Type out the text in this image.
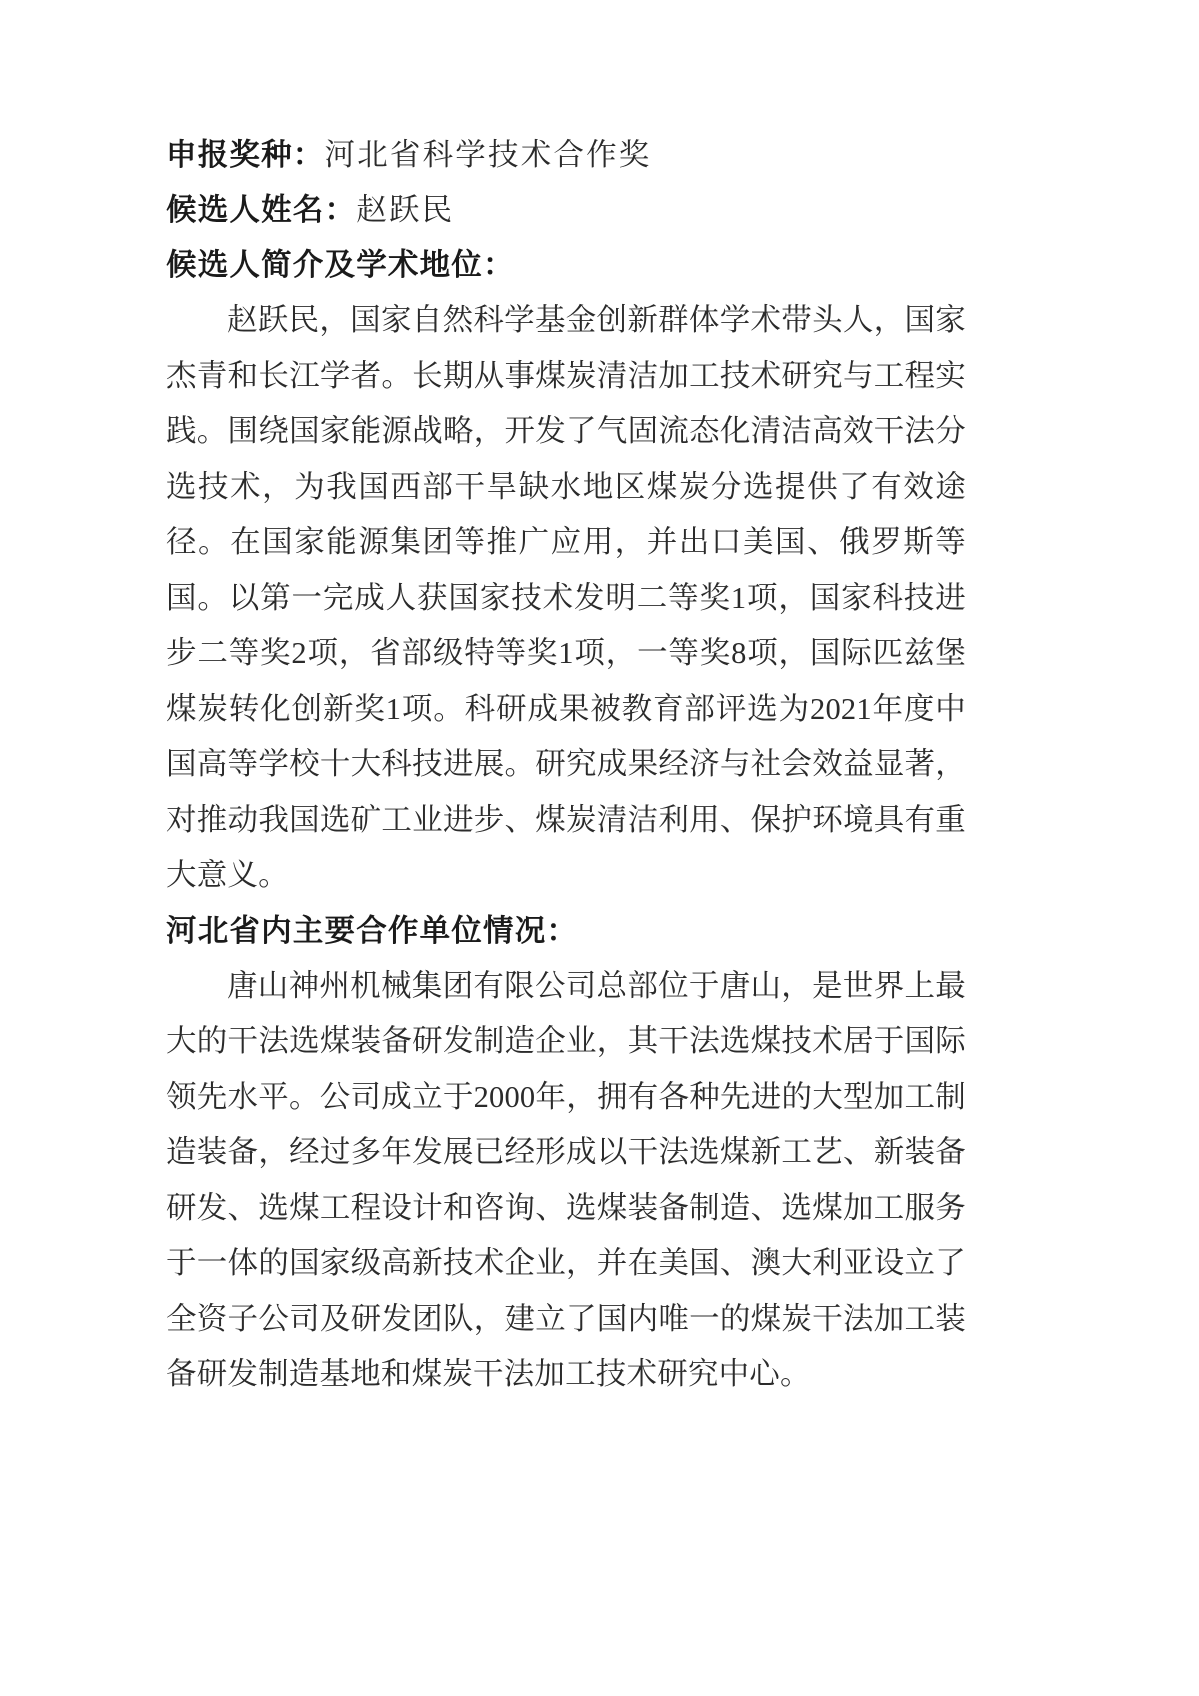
申报奖种：河北省科学技术合作奖
候选人姓名：赵跃民
候选人简介及学术地位：
赵跃民，国家自然科学基金创新群体学术带头人，国家杰青和长江学者。长期从事煤炭清洁加工技术研究与工程实践。围绕国家能源战略，开发了气固流态化清洁高效干法分选技术，为我国西部干旱缺水地区煤炭分选提供了有效途径。在国家能源集团等推广应用，并出口美国、俄罗斯等国。以第一完成人获国家技术发明二等奖1项，国家科技进步二等奖2项，省部级特等奖1项，一等奖8项，国际匹兹堡煤炭转化创新奖1项。科研成果被教育部评选为2021年度中国高等学校十大科技进展。研究成果经济与社会效益显著，对推动我国选矿工业进步、煤炭清洁利用、保护环境具有重大意义。
河北省内主要合作单位情况：
唐山神州机械集团有限公司总部位于唐山，是世界上最大的干法选煤装备研发制造企业，其干法选煤技术居于国际领先水平。公司成立于2000年，拥有各种先进的大型加工制造装备，经过多年发展已经形成以干法选煤新工艺、新装备研发、选煤工程设计和咨询、选煤装备制造、选煤加工服务于一体的国家级高新技术企业，并在美国、澳大利亚设立了全资子公司及研发团队，建立了国内唯一的煤炭干法加工装备研发制造基地和煤炭干法加工技术研究中心。
